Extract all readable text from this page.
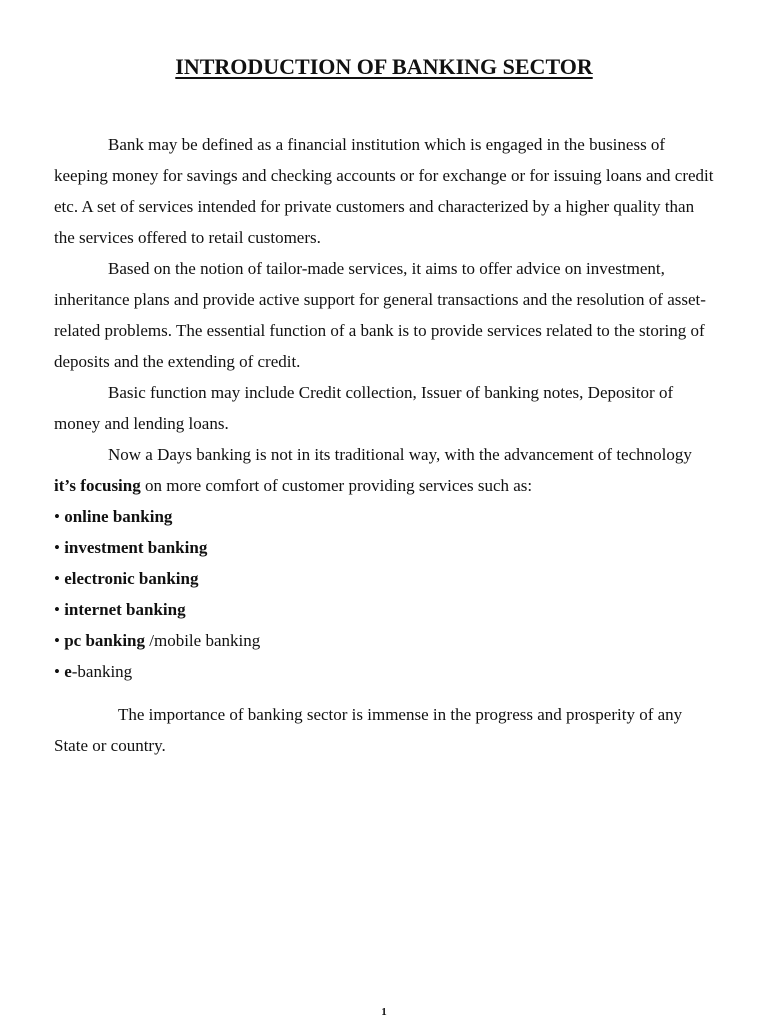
INTRODUCTION OF BANKING SECTOR

Bank may be defined as a financial institution which is engaged in the business of keeping money for savings and checking accounts or for exchange or for issuing loans and credit etc. A set of services intended for private customers and characterized by a higher quality than the services offered to retail customers.

Based on the notion of tailor-made services, it aims to offer advice on investment, inheritance plans and provide active support for general transactions and the resolution of asset-related problems. The essential function of a bank is to provide services related to the storing of deposits and the extending of credit.

Basic function may include Credit collection, Issuer of banking notes, Depositor of money and lending loans.

Now a Days banking is not in its traditional way, with the advancement of technology it’s focusing on more comfort of customer providing services such as:

• online banking
• investment banking
• electronic banking
• internet banking
• pc banking /mobile banking
• e-banking

The importance of banking sector is immense in the progress and prosperity of any State or country.

1
